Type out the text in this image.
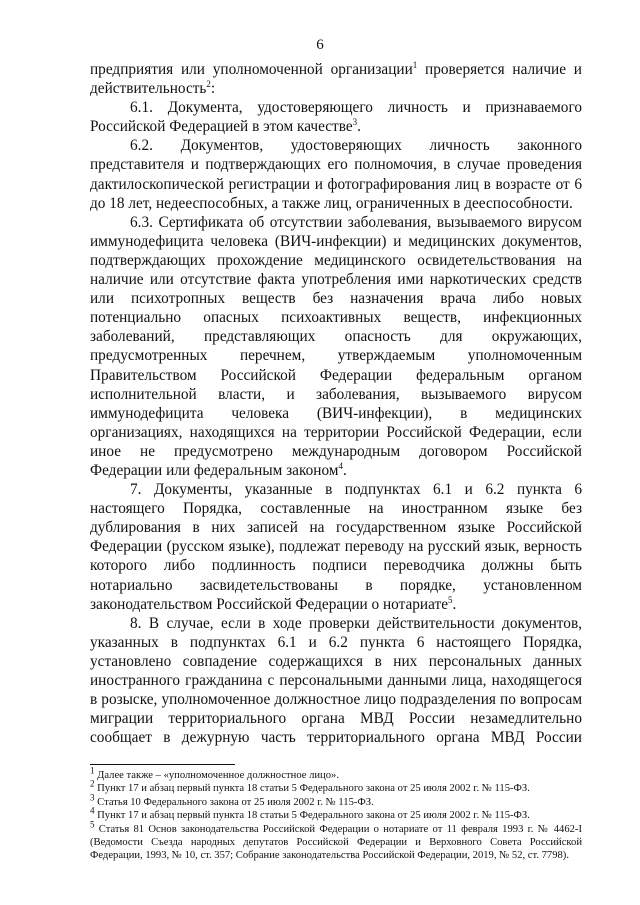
6

предприятия или уполномоченной организации$^1$ проверяется наличие и действительность$^2$:

6.1. Документа, удостоверяющего личность и признаваемого Российской Федерацией в этом качестве$^3$.

6.2. Документов, удостоверяющих личность законного представителя и подтверждающих его полномочия, в случае проведения дактилоскопической регистрации и фотографирования лиц в возрасте от 6 до 18 лет, недееспособных, а также лиц, ограниченных в дееспособности.

6.3. Сертификата об отсутствии заболевания, вызываемого вирусом иммунодефицита человека (ВИЧ-инфекции) и медицинских документов, подтверждающих прохождение медицинского освидетельствования на наличие или отсутствие факта употребления ими наркотических средств или психотропных веществ без назначения врача либо новых потенциально опасных психоактивных веществ, инфекционных заболеваний, представляющих опасность для окружающих, предусмотренных перечнем, утверждаемым уполномоченным Правительством Российской Федерации федеральным органом исполнительной власти, и заболевания, вызываемого вирусом иммунодефицита человека (ВИЧ-инфекции), в медицинских организациях, находящихся на территории Российской Федерации, если иное не предусмотрено международным договором Российской Федерации или федеральным законом$^4$.

7. Документы, указанные в подпунктах 6.1 и 6.2 пункта 6 настоящего Порядка, составленные на иностранном языке без дублирования в них записей на государственном языке Российской Федерации (русском языке), подлежат переводу на русский язык, верность которого либо подлинность подписи переводчика должны быть нотариально засвидетельствованы в порядке, установленном законодательством Российской Федерации о нотариате$^5$.

8. В случае, если в ходе проверки действительности документов, указанных в подпунктах 6.1 и 6.2 пункта 6 настоящего Порядка, установлено совпадение содержащихся в них персональных данных иностранного гражданина с персональными данными лица, находящегося в розыске, уполномоченное должностное лицо подразделения по вопросам миграции территориального органа МВД России незамедлительно сообщает в дежурную часть территориального органа МВД России

$^1$ Далее также – «уполномоченное должностное лицо».

$^2$ Пункт 17 и абзац первый пункта 18 статьи 5 Федерального закона от 25 июля 2002 г. № 115-ФЗ.

$^3$ Статья 10 Федерального закона от 25 июля 2002 г. № 115-ФЗ.

$^4$ Пункт 17 и абзац первый пункта 18 статьи 5 Федерального закона от 25 июля 2002 г. № 115-ФЗ.

$^5$ Статья 81 Основ законодательства Российской Федерации о нотариате от 11 февраля 1993 г. № 4462-I (Ведомости Съезда народных депутатов Российской Федерации и Верховного Совета Российской Федерации, 1993, № 10, ст. 357; Собрание законодательства Российской Федерации, 2019, № 52, ст. 7798).
